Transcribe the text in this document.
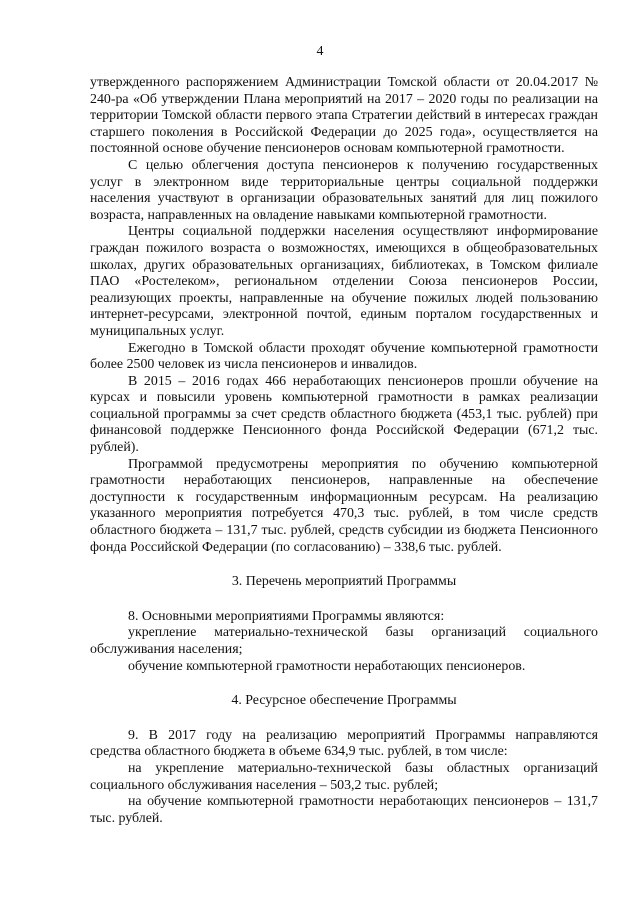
4

утвержденного распоряжением Администрации Томской области от 20.04.2017 № 240-ра «Об утверждении Плана мероприятий на 2017 – 2020 годы по реализации на территории Томской области первого этапа Стратегии действий в интересах граждан старшего поколения в Российской Федерации до 2025 года», осуществляется на постоянной основе обучение пенсионеров основам компьютерной грамотности.

С целью облегчения доступа пенсионеров к получению государственных услуг в электронном виде территориальные центры социальной поддержки населения участвуют в организации образовательных занятий для лиц пожилого возраста, направленных на овладение навыками компьютерной грамотности.

Центры социальной поддержки населения осуществляют информирование граждан пожилого возраста о возможностях, имеющихся в общеобразовательных школах, других образовательных организациях, библиотеках, в Томском филиале ПАО «Ростелеком», региональном отделении Союза пенсионеров России, реализующих проекты, направленные на обучение пожилых людей пользованию интернет-ресурсами, электронной почтой, единым порталом государственных и муниципальных услуг.

Ежегодно в Томской области проходят обучение компьютерной грамотности более 2500 человек из числа пенсионеров и инвалидов.

В 2015 – 2016 годах 466 неработающих пенсионеров прошли обучение на курсах и повысили уровень компьютерной грамотности в рамках реализации социальной программы за счет средств областного бюджета (453,1 тыс. рублей) при финансовой поддержке Пенсионного фонда Российской Федерации (671,2 тыс. рублей).

Программой предусмотрены мероприятия по обучению компьютерной грамотности неработающих пенсионеров, направленные на обеспечение доступности к государственным информационным ресурсам. На реализацию указанного мероприятия потребуется 470,3 тыс. рублей, в том числе средств областного бюджета – 131,7 тыс. рублей, средств субсидии из бюджета Пенсионного фонда Российской Федерации (по согласованию) – 338,6 тыс. рублей.

3. Перечень мероприятий Программы

8. Основными мероприятиями Программы являются:

укрепление материально-технической базы организаций социального обслуживания населения;

обучение компьютерной грамотности неработающих пенсионеров.

4. Ресурсное обеспечение Программы

9. В 2017 году на реализацию мероприятий Программы направляются средства областного бюджета в объеме 634,9 тыс. рублей, в том числе:

на укрепление материально-технической базы областных организаций социального обслуживания населения – 503,2 тыс. рублей;

на обучение компьютерной грамотности неработающих пенсионеров – 131,7 тыс. рублей.
